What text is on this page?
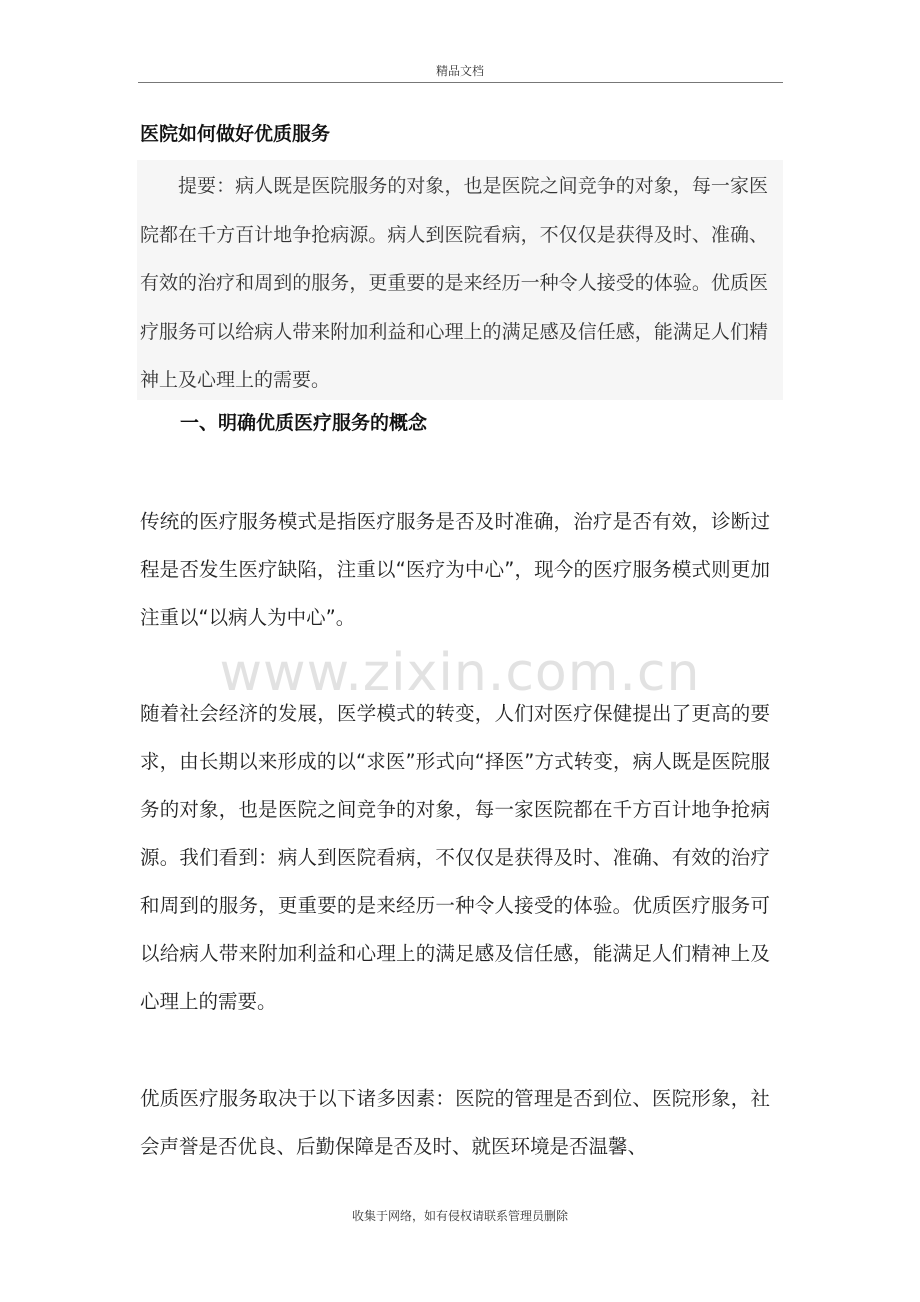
精品文档
医院如何做好优质服务

提要：病人既是医院服务的对象，也是医院之间竞争的对象，每一家医院都在千方百计地争抢病源。病人到医院看病，不仅仅是获得及时、准确、有效的治疗和周到的服务，更重要的是来经历一种令人接受的体验。优质医疗服务可以给病人带来附加利益和心理上的满足感及信任感，能满足人们精神上及心理上的需要。

一、明确优质医疗服务的概念
www.zixin.com.cn

传统的医疗服务模式是指医疗服务是否及时准确，治疗是否有效，诊断过程是否发生医疗缺陷，注重以“医疗为中心”，现今的医疗服务模式则更加注重以“以病人为中心”。

随着社会经济的发展，医学模式的转变，人们对医疗保健提出了更高的要求，由长期以来形成的以“求医”形式向“择医”方式转变，病人既是医院服务的对象，也是医院之间竞争的对象，每一家医院都在千方百计地争抢病源。我们看到：病人到医院看病，不仅仅是获得及时、准确、有效的治疗和周到的服务，更重要的是来经历一种令人接受的体验。优质医疗服务可以给病人带来附加利益和心理上的满足感及信任感，能满足人们精神上及心理上的需要。

优质医疗服务取决于以下诸多因素：医院的管理是否到位、医院形象，社会声誉是否优良、后勤保障是否及时、就医环境是否温馨、

收集于网络，如有侵权请联系管理员删除
